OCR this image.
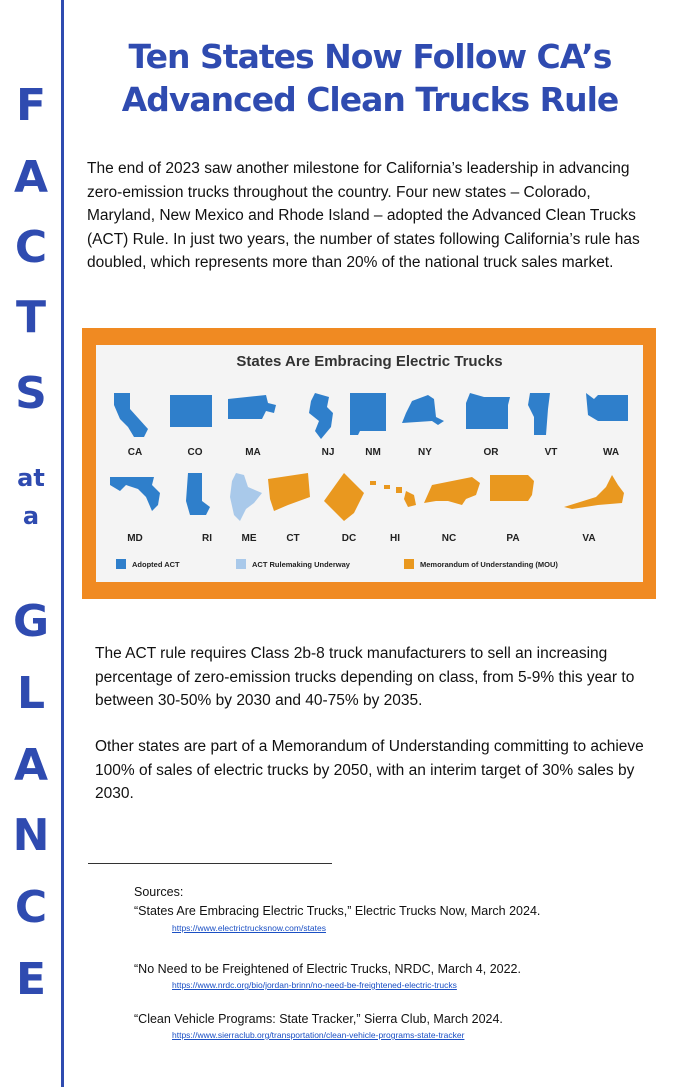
F
A
C
T
S
at
a
G
L
A
N
C
E
Ten States Now Follow CA’s
Advanced Clean Trucks Rule
The end of 2023 saw another milestone for California’s leadership in advancing zero-emission trucks throughout the country. Four new states – Colorado, Maryland, New Mexico and Rhode Island – adopted the Advanced Clean Trucks (ACT) Rule. In just two years, the number of states following California’s rule has doubled, which represents more than 20% of the national truck sales market.
States Are Embracing Electric Trucks
CA	CO	MA	NJ	NM	NY	OR	VT	WA
MD	RI	ME	CT	DC	HI	NC	PA	VA
Adopted ACT	ACT Rulemaking Underway	Memorandum of Understanding (MOU)
The ACT rule requires Class 2b-8 truck manufacturers to sell an increasing percentage of zero-emission trucks depending on class, from 5-9% this year to between 30-50% by 2030 and 40-75% by 2035.
Other states are part of a Memorandum of Understanding committing to achieve 100% of sales of electric trucks by 2050, with an interim target of 30% sales by 2030.
Sources:
“States Are Embracing Electric Trucks,” Electric Trucks Now, March 2024.
https://www.electrictrucksnow.com/states
“No Need to be Freightened of Electric Trucks, NRDC, March 4, 2022.
https://www.nrdc.org/bio/jordan-brinn/no-need-be-freightened-electric-trucks
“Clean Vehicle Programs: State Tracker,” Sierra Club, March 2024.
https://www.sierraclub.org/transportation/clean-vehicle-programs-state-tracker
